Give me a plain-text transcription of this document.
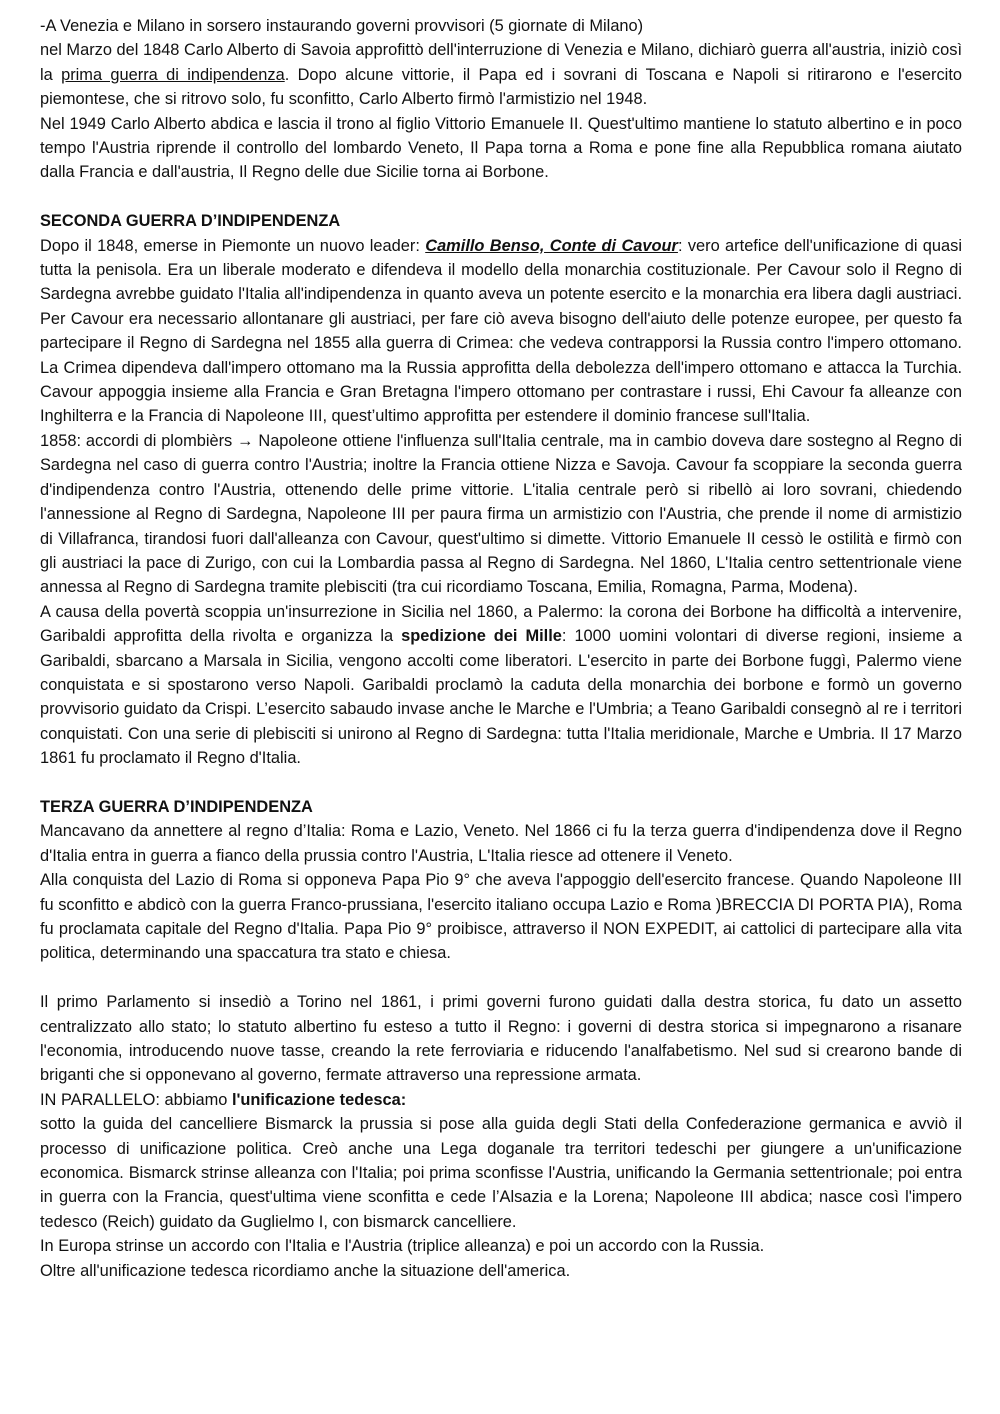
-A Venezia e Milano in sorsero instaurando governi provvisori (5 giornate di Milano)

nel Marzo del 1848 Carlo Alberto di Savoia approfittò dell'interruzione di Venezia e Milano, dichiarò guerra all'austria, iniziò così la prima guerra di indipendenza. Dopo alcune vittorie, il Papa ed i sovrani di Toscana e Napoli si ritirarono e l'esercito piemontese, che si ritrovo solo, fu sconfitto, Carlo Alberto firmò l'armistizio nel 1948.

Nel 1949 Carlo Alberto abdica e lascia il trono al figlio Vittorio Emanuele II. Quest'ultimo mantiene lo statuto albertino e in poco tempo l'Austria riprende il controllo del lombardo Veneto, Il Papa torna a Roma e pone fine alla Repubblica romana aiutato dalla Francia e dall'austria, Il Regno delle due Sicilie torna ai Borbone.

SECONDA GUERRA D’INDIPENDENZA

Dopo il 1848, emerse in Piemonte un nuovo leader: Camillo Benso, Conte di Cavour: vero artefice dell'unificazione di quasi tutta la penisola. Era un liberale moderato e difendeva il modello della monarchia costituzionale. Per Cavour solo il Regno di Sardegna avrebbe guidato l'Italia all'indipendenza in quanto aveva un potente esercito e la monarchia era libera dagli austriaci. Per Cavour era necessario allontanare gli austriaci, per fare ciò aveva bisogno dell'aiuto delle potenze europee, per questo fa partecipare il Regno di Sardegna nel 1855 alla guerra di Crimea: che vedeva contrapporsi la Russia contro l'impero ottomano. La Crimea dipendeva dall'impero ottomano ma la Russia approfitta della debolezza dell'impero ottomano e attacca la Turchia. Cavour appoggia insieme alla Francia e Gran Bretagna l'impero ottomano per contrastare i russi, Ehi Cavour fa alleanze con Inghilterra e la Francia di Napoleone III, quest’ultimo approfitta per estendere il dominio francese sull'Italia.

1858: accordi di plombièrs → Napoleone ottiene l'influenza sull'Italia centrale, ma in cambio doveva dare sostegno al Regno di Sardegna nel caso di guerra contro l'Austria; inoltre la Francia ottiene Nizza e Savoja. Cavour fa scoppiare la seconda guerra d'indipendenza contro l'Austria, ottenendo delle prime vittorie. L'italia centrale però si ribellò ai loro sovrani, chiedendo l'annessione al Regno di Sardegna, Napoleone III per paura firma un armistizio con l'Austria, che prende il nome di armistizio di Villafranca, tirandosi fuori dall'alleanza con Cavour, quest'ultimo si dimette. Vittorio Emanuele II cessò le ostilità e firmò con gli austriaci la pace di Zurigo, con cui la Lombardia passa al Regno di Sardegna. Nel 1860, L'Italia centro settentrionale viene annessa al Regno di Sardegna tramite plebisciti (tra cui ricordiamo Toscana, Emilia, Romagna, Parma, Modena).

A causa della povertà scoppia un'insurrezione in Sicilia nel 1860, a Palermo: la corona dei Borbone ha difficoltà a intervenire, Garibaldi approfitta della rivolta e organizza la spedizione dei Mille: 1000 uomini volontari di diverse regioni, insieme a Garibaldi, sbarcano a Marsala in Sicilia, vengono accolti come liberatori. L'esercito in parte dei Borbone fuggì, Palermo viene conquistata e si spostarono verso Napoli. Garibaldi proclamò la caduta della monarchia dei borbone e formò un governo provvisorio guidato da Crispi. L’esercito sabaudo invase anche le Marche e l'Umbria; a Teano Garibaldi consegnò al re i territori conquistati. Con una serie di plebisciti si unirono al Regno di Sardegna: tutta l'Italia meridionale, Marche e Umbria. Il 17 Marzo 1861 fu proclamato il Regno d'Italia.

TERZA GUERRA D’INDIPENDENZA

Mancavano da annettere al regno d’Italia: Roma e Lazio, Veneto. Nel 1866 ci fu la terza guerra d'indipendenza dove il Regno d'Italia entra in guerra a fianco della prussia contro l'Austria, L'Italia riesce ad ottenere il Veneto.

Alla conquista del Lazio di Roma si opponeva Papa Pio 9° che aveva l'appoggio dell'esercito francese. Quando Napoleone III fu sconfitto e abdicò con la guerra Franco-prussiana, l'esercito italiano occupa Lazio e Roma )BRECCIA DI PORTA PIA), Roma fu proclamata capitale del Regno d'Italia. Papa Pio 9° proibisce, attraverso il NON EXPEDIT, ai cattolici di partecipare alla vita politica, determinando una spaccatura tra stato e chiesa.

Il primo Parlamento si insediò a Torino nel 1861, i primi governi furono guidati dalla destra storica, fu dato un assetto centralizzato allo stato; lo statuto albertino fu esteso a tutto il Regno: i governi di destra storica si impegnarono a risanare l'economia, introducendo nuove tasse, creando la rete ferroviaria e riducendo l'analfabetismo. Nel sud si crearono bande di briganti che si opponevano al governo, fermate attraverso una repressione armata.

IN PARALLELO: abbiamo l'unificazione tedesca:

sotto la guida del cancelliere Bismarck la prussia si pose alla guida degli Stati della Confederazione germanica e avviò il processo di unificazione politica. Creò anche una Lega doganale tra territori tedeschi per giungere a un'unificazione economica. Bismarck strinse alleanza con l'Italia; poi prima sconfisse l'Austria, unificando la Germania settentrionale; poi entra in guerra con la Francia, quest'ultima viene sconfitta e cede l’Alsazia e la Lorena; Napoleone III abdica; nasce così l'impero tedesco (Reich) guidato da Guglielmo I, con bismarck cancelliere.

In Europa strinse un accordo con l'Italia e l'Austria (triplice alleanza) e poi un accordo con la Russia.

Oltre all'unificazione tedesca ricordiamo anche la situazione dell'america.
